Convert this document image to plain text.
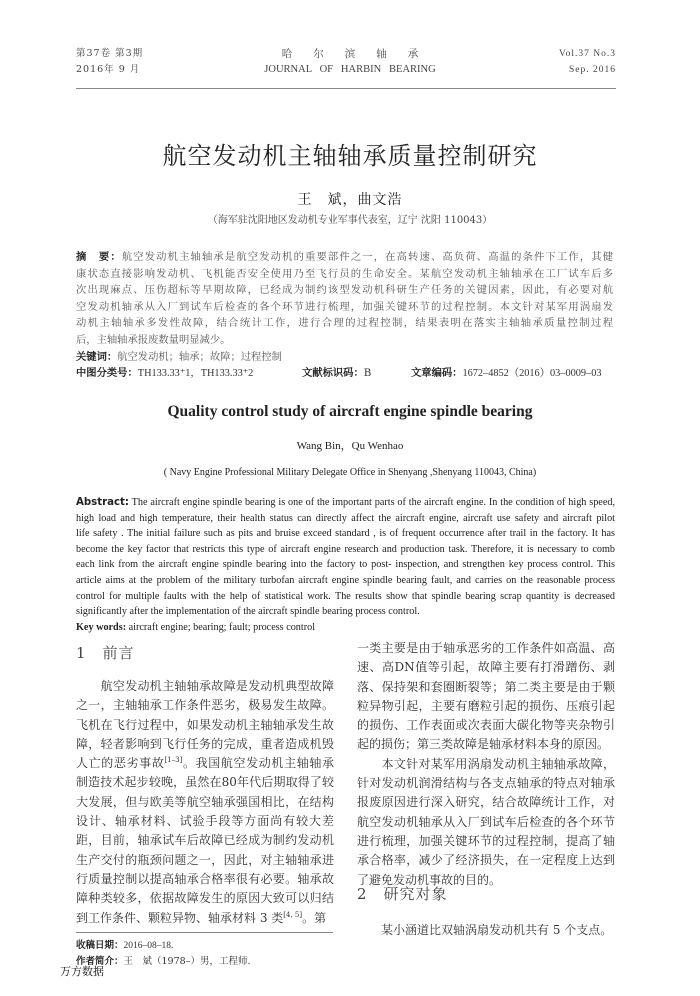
第37卷 第3期
2016年 9 月
哈　　尔　　滨　　轴　　承
JOURNAL   OF   HARBIN   BEARING
Vol.37 No.3
Sep. 2016
航空发动机主轴轴承质量控制研究
王　斌，曲文浩
（海军驻沈阳地区发动机专业军事代表室，辽宁 沈阳 110043）
摘　要：航空发动机主轴轴承是航空发动机的重要部件之一，在高转速、高负荷、高温的条件下工作，其健
康状态直接影响发动机、飞机能否安全使用乃至飞行员的生命安全。某航空发动机主轴轴承在工厂试车后多
次出现麻点、压伤超标等早期故障，已经成为制约该型发动机科研生产任务的关键因素，因此，有必要对航
空发动机轴承从入厂到试车后检查的各个环节进行梳理，加强关键环节的过程控制。本文针对某军用涡扇发
动机主轴轴承多发性故障，结合统计工作，进行合理的过程控制，结果表明在落实主轴轴承质量控制过程
后，主轴轴承报废数量明显减少。
关键词：航空发动机；轴承；故障；过程控制
中图分类号：TH133.33⁺1，TH133.33⁺2	文献标识码：B	文章编码：1672–4852（2016）03–0009–03
Quality control study of aircraft engine spindle bearing
Wang Bin，Qu Wenhao
( Navy Engine Professional Military Delegate Office in Shenyang ,Shenyang 110043, China)
Abstract: The aircraft engine spindle bearing is one of the important parts of the aircraft engine. In the condition of high speed,
high load and high temperature, their health status can directly affect the aircraft engine, aircraft use safety and aircraft pilot
life safety . The initial failure such as pits and bruise exceed standard , is of frequent occurrence after trail in the factory. It has
become the key factor that restricts this type of aircraft engine research and production task. Therefore, it is necessary to comb
each link from the aircraft engine spindle bearing into the factory to post- inspection, and strengthen key process control. This
article aims at the problem of the military turbofan aircraft engine spindle bearing fault, and carries on the reasonable process
control for multiple faults with the help of statistical work. The results show that spindle bearing scrap quantity is decreased
significantly after the implementation of the aircraft spindle bearing process control.
Key words: aircraft engine; bearing; fault; process control
1　前言
　　航空发动机主轴轴承故障是发动机典型故障
之一，主轴轴承工作条件恶劣，极易发生故障。
飞机在飞行过程中，如果发动机主轴轴承发生故
障，轻者影响到飞行任务的完成，重者造成机毁
人亡的恶劣事故[1–3]。我国航空发动机主轴轴承
制造技术起步较晚，虽然在80年代后期取得了较
大发展，但与欧美等航空轴承强国相比，在结构
设计、轴承材料、试验手段等方面尚有较大差
距，目前，轴承试车后故障已经成为制约发动机
生产交付的瓶颈问题之一，因此，对主轴轴承进
行质量控制以提高轴承合格率很有必要。轴承故
障种类较多，依据故障发生的原因大致可以归结
到工作条件、颗粒异物、轴承材料 3 类[4, 5]。第
收稿日期：2016–08–18.
作者简介：王　斌（1978–）男，工程师.
一类主要是由于轴承恶劣的工作条件如高温、高
速、高DN值等引起，故障主要有打滑蹭伤、剥
落、保持架和套圈断裂等；第二类主要是由于颗
粒异物引起，主要有磨粒引起的损伤、压痕引起
的损伤、工作表面或次表面大碳化物等夹杂物引
起的损伤；第三类故障是轴承材料本身的原因。
　　本文针对某军用涡扇发动机主轴轴承故障，
针对发动机润滑结构与各支点轴承的特点对轴承
报废原因进行深入研究，结合故障统计工作，对
航空发动机轴承从入厂到试车后检查的各个环节
进行梳理，加强关键环节的过程控制，提高了轴
承合格率，减少了经济损失，在一定程度上达到
了避免发动机事故的目的。
2　研究对象
　　某小涵道比双轴涡扇发动机共有 5 个支点。
万方数据
